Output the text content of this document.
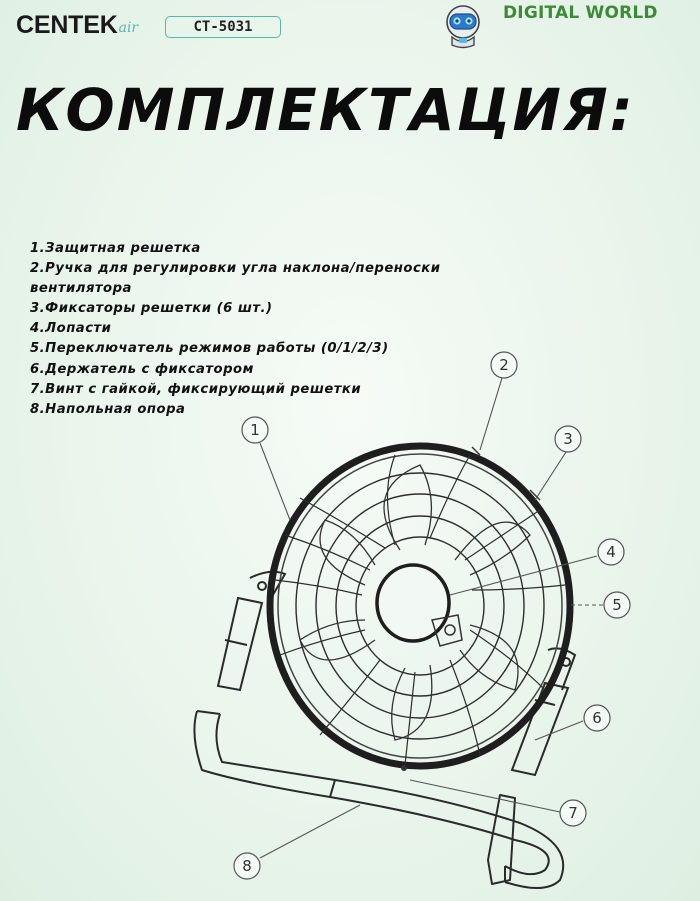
CENTEK air	CT-5031
DIGITAL WORLD
КОМПЛЕКТАЦИЯ:
1.Защитная решетка
2.Ручка для регулировки угла наклона/переноски вентилятора
3.Фиксаторы решетки (6 шт.)
4.Лопасти
5.Переключатель режимов работы (0/1/2/3)
6.Держатель с фиксатором
7.Винт с гайкой, фиксирующий решетки
8.Напольная опора
1
2
3
4
5
6
7
8
